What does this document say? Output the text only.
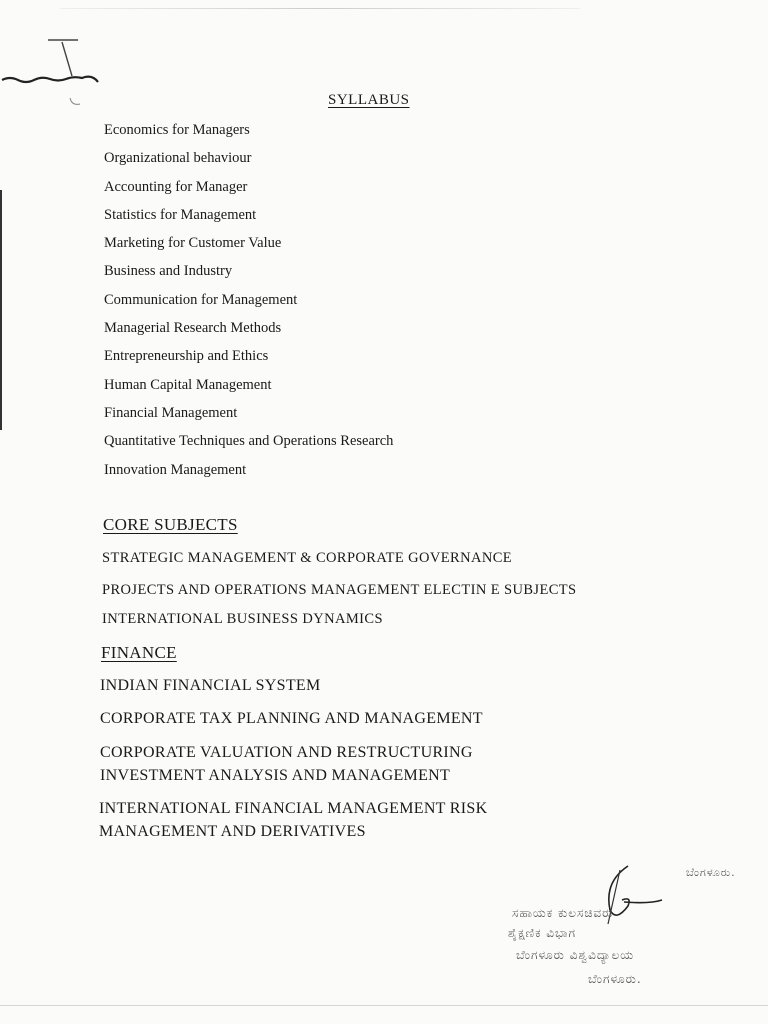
SYLLABUS
Economics for Managers
Organizational behaviour
Accounting for Manager
Statistics for Management
Marketing for Customer Value
Business and Industry
Communication for Management
Managerial Research Methods
Entrepreneurship and Ethics
Human Capital Management
Financial Management
Quantitative Techniques and Operations Research
Innovation Management
CORE SUBJECTS
STRATEGIC MANAGEMENT & CORPORATE GOVERNANCE
PROJECTS AND OPERATIONS MANAGEMENT ELECTIN E SUBJECTS
INTERNATIONAL BUSINESS DYNAMICS
FINANCE
INDIAN FINANCIAL SYSTEM
CORPORATE TAX PLANNING AND MANAGEMENT
CORPORATE VALUATION AND RESTRUCTURING
INVESTMENT ANALYSIS AND MANAGEMENT
INTERNATIONAL FINANCIAL MANAGEMENT RISK
MANAGEMENT AND DERIVATIVES
ಬೆಂಗಳೂರು.
ಸಹಾಯಕ ಕುಲಸಚಿವರು
ಶೈಕ್ಷಣಿಕ ವಿಭಾಗ
ಬೆಂಗಳೂರು ವಿಶ್ವವಿದ್ಯಾಲಯ
ಬೆಂಗಳೂರು.
